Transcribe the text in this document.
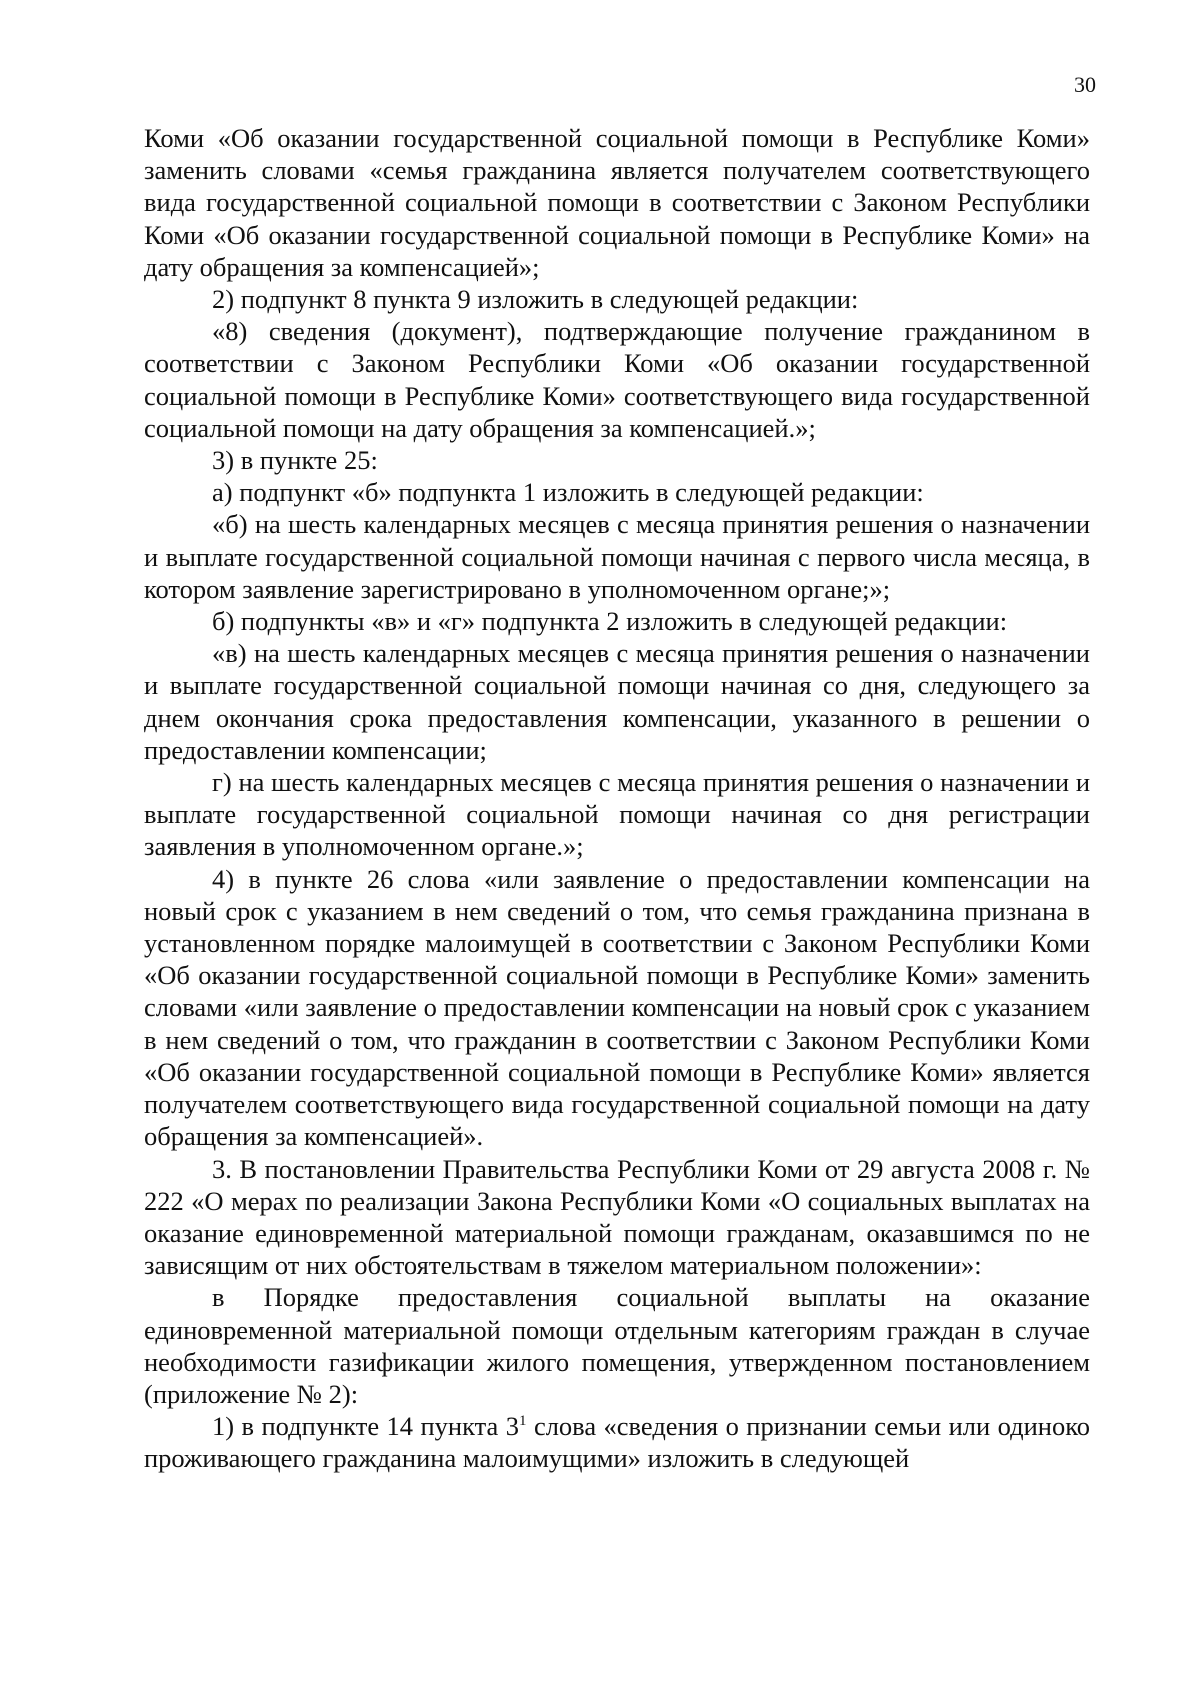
30

Коми «Об оказании государственной социальной помощи в Республике Коми» заменить словами «семья гражданина является получателем соответствующего вида государственной социальной помощи в соответствии с Законом Республики Коми «Об оказании государственной социальной помощи в Республике Коми» на дату обращения за компенсацией»;

2) подпункт 8 пункта 9 изложить в следующей редакции:

«8) сведения (документ), подтверждающие получение гражданином в соответствии с Законом Республики Коми «Об оказании государственной социальной помощи в Республике Коми» соответствующего вида государственной социальной помощи на дату обращения за компенсацией.»;

3) в пункте 25:

а) подпункт «б» подпункта 1 изложить в следующей редакции:

«б) на шесть календарных месяцев с месяца принятия решения о назначении и выплате государственной социальной помощи начиная с первого числа месяца, в котором заявление зарегистрировано в уполномоченном органе;»;

б) подпункты «в» и «г» подпункта 2 изложить в следующей редакции:

«в) на шесть календарных месяцев с месяца принятия решения о назначении и выплате государственной социальной помощи начиная со дня, следующего за днем окончания срока предоставления компенсации, указанного в решении о предоставлении компенсации;

г) на шесть календарных месяцев с месяца принятия решения о назначении и выплате государственной социальной помощи начиная со дня регистрации заявления в уполномоченном органе.»;

4) в пункте 26 слова «или заявление о предоставлении компенсации на новый срок с указанием в нем сведений о том, что семья гражданина признана в установленном порядке малоимущей в соответствии с Законом Республики Коми «Об оказании государственной социальной помощи в Республике Коми» заменить словами «или заявление о предоставлении компенсации на новый срок с указанием в нем сведений о том, что гражданин в соответствии с Законом Республики Коми «Об оказании государственной социальной помощи в Республике Коми» является получателем соответствующего вида государственной социальной помощи на дату обращения за компенсацией».

3. В постановлении Правительства Республики Коми от 29 августа 2008 г. № 222 «О мерах по реализации Закона Республики Коми «О социальных выплатах на оказание единовременной материальной помощи гражданам, оказавшимся по не зависящим от них обстоятельствам в тяжелом материальном положении»:

в Порядке предоставления социальной выплаты на оказание единовременной материальной помощи отдельным категориям граждан в случае необходимости газификации жилого помещения, утвержденном постановлением (приложение № 2):

1) в подпункте 14 пункта $3^1$ слова «сведения о признании семьи или одиноко проживающего гражданина малоимущими» изложить в следующей
